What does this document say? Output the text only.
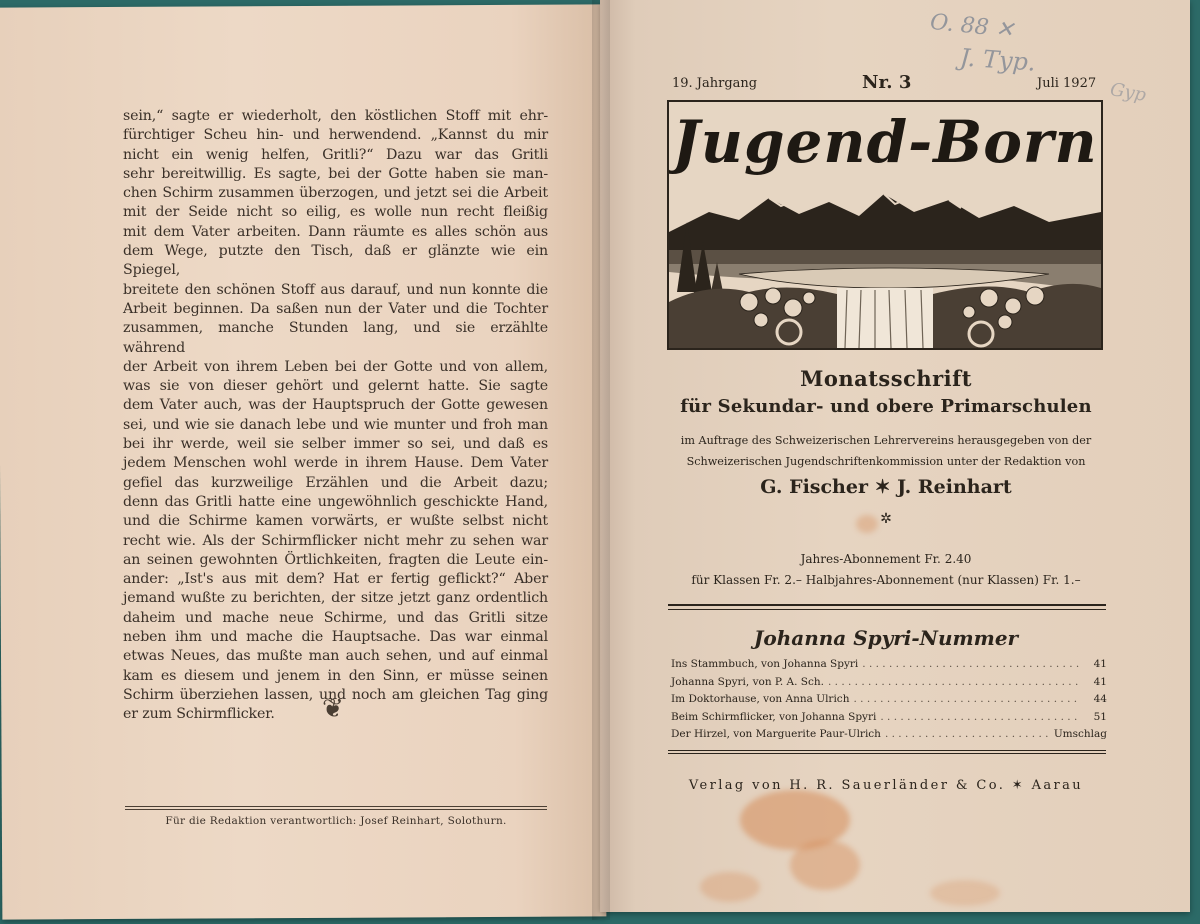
sein,“ sagte er wiederholt, den köstlichen Stoff mit ehr-

fürchtiger Scheu hin- und herwendend. „Kannst du mir

nicht ein wenig helfen, Gritli?“ Dazu war das Gritli

sehr bereitwillig. Es sagte, bei der Gotte haben sie man-

chen Schirm zusammen überzogen, und jetzt sei die Arbeit

mit der Seide nicht so eilig, es wolle nun recht fleißig

mit dem Vater arbeiten. Dann räumte es alles schön aus

dem Wege, putzte den Tisch, daß er glänzte wie ein Spiegel,

breitete den schönen Stoff aus darauf, und nun konnte die

Arbeit beginnen. Da saßen nun der Vater und die Tochter

zusammen, manche Stunden lang, und sie erzählte während

der Arbeit von ihrem Leben bei der Gotte und von allem,

was sie von dieser gehört und gelernt hatte. Sie sagte

dem Vater auch, was der Hauptspruch der Gotte gewesen

sei, und wie sie danach lebe und wie munter und froh man

bei ihr werde, weil sie selber immer so sei, und daß es

jedem Menschen wohl werde in ihrem Hause. Dem Vater

gefiel das kurzweilige Erzählen und die Arbeit dazu;

denn das Gritli hatte eine ungewöhnlich geschickte Hand,

und die Schirme kamen vorwärts, er wußte selbst nicht

recht wie. Als der Schirmflicker nicht mehr zu sehen war

an seinen gewohnten Örtlichkeiten, fragten die Leute ein-

ander: „Ist's aus mit dem? Hat er fertig geflickt?“ Aber

jemand wußte zu berichten, der sitze jetzt ganz ordentlich

daheim und mache neue Schirme, und das Gritli sitze

neben ihm und mache die Hauptsache. Das war einmal

etwas Neues, das mußte man auch sehen, und auf einmal

kam es diesem und jenem in den Sinn, er müsse seinen

Schirm überziehen lassen, und noch am gleichen Tag ging

er zum Schirmflicker.	❦
Für die Redaktion verantwortlich: Josef Reinhart, Solothurn.
19. Jahrgang	Nr. 3	Juli 1927
Jugend-Born
Monatsschrift
für Sekundar- und obere Primarschulen
im Auftrage des Schweizerischen Lehrervereins herausgegeben von der
Schweizerischen Jugendschriftenkommission unter der Redaktion von
G. Fischer ✶ J. Reinhart
✲
Jahres-Abonnement Fr. 2.40
für Klassen Fr. 2.– Halbjahres-Abonnement (nur Klassen) Fr. 1.–
Johanna Spyri-Nummer
Ins Stammbuch, von Johanna Spyri . . .	41
Johanna Spyri, von P. A. Sch. . . .	41
Im Doktorhause, von Anna Ulrich . . .	44
Beim Schirmflicker, von Johanna Spyri . . .	51
Der Hirzel, von Marguerite Paur-Ulrich . . .	Umschlag
Verlag von H. R. Sauerländer & Co. ✶ Aarau
O. 88 ✕
J. Typ.
Gyp
